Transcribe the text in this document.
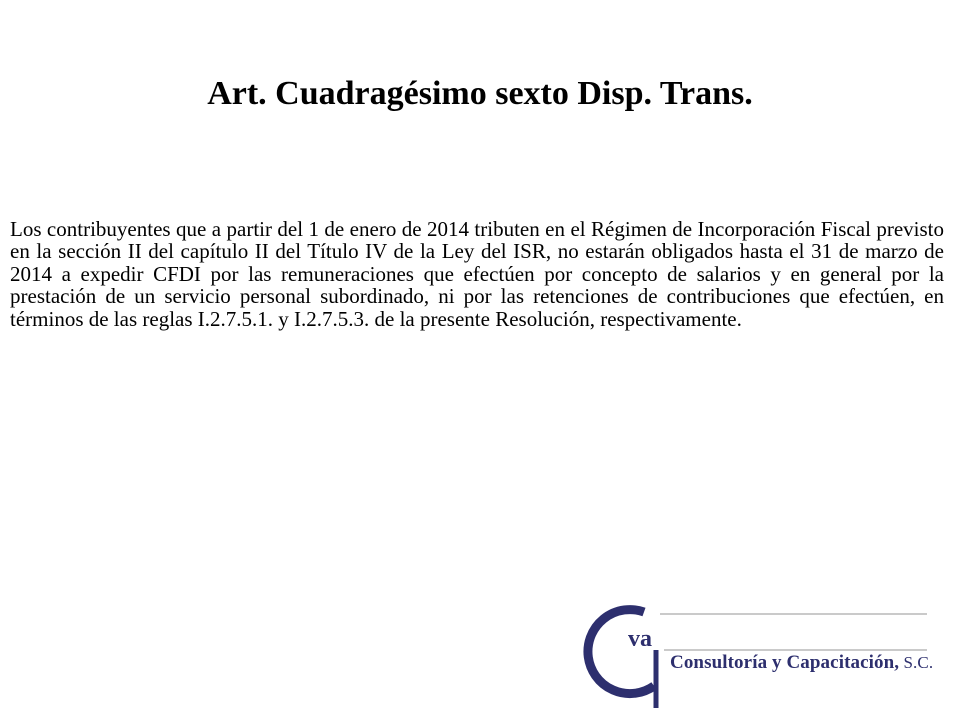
Art. Cuadragésimo sexto Disp. Trans.

Los contribuyentes que a partir del 1 de enero de 2014 tributen en el Régimen de Incorporación Fiscal previsto en la sección II del capítulo II del Título IV de la Ley del ISR, no estarán obligados hasta el 31 de marzo de 2014 a expedir CFDI por las remuneraciones que efectúen por concepto de salarios y en general por la prestación de un servicio personal subordinado, ni por las retenciones de contribuciones que efectúen, en términos de las reglas I.2.7.5.1. y I.2.7.5.3. de la presente Resolución, respectivamente.

va
Consultoría y Capacitación, S.C.
